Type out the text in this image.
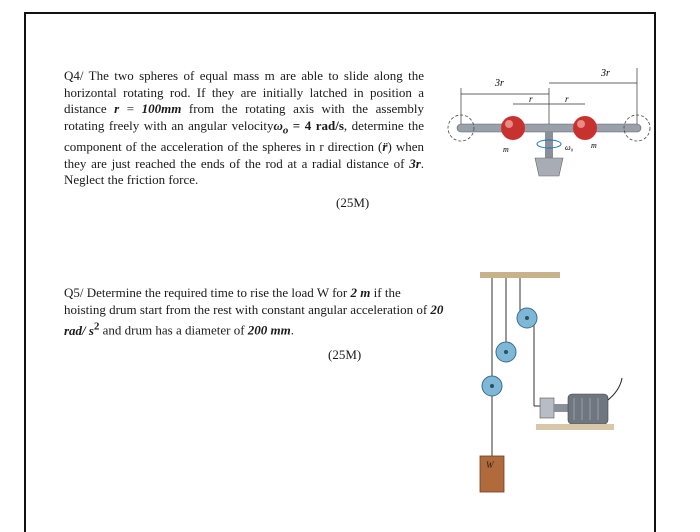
Q4/ The two spheres of equal mass m are able to slide along the horizontal rotating rod. If they are initially latched in position a distance r = 100mm from the rotating axis with the assembly rotating freely with an angular velocityω$_o$ = 4 rad/s, determine the component of the acceleration of the spheres in r direction (r̈) when they are just reached the ends of the rod at a radial distance of 3r. Neglect the friction force.
(25M)
3r
3r
r	r
m	m
ω₀
Q5/ Determine the required time to rise the load W for 2 m if the hoisting drum start from the rest with constant angular acceleration of 20 rad/ $s^2$ and drum has a diameter of 200 mm.
(25M)
W
